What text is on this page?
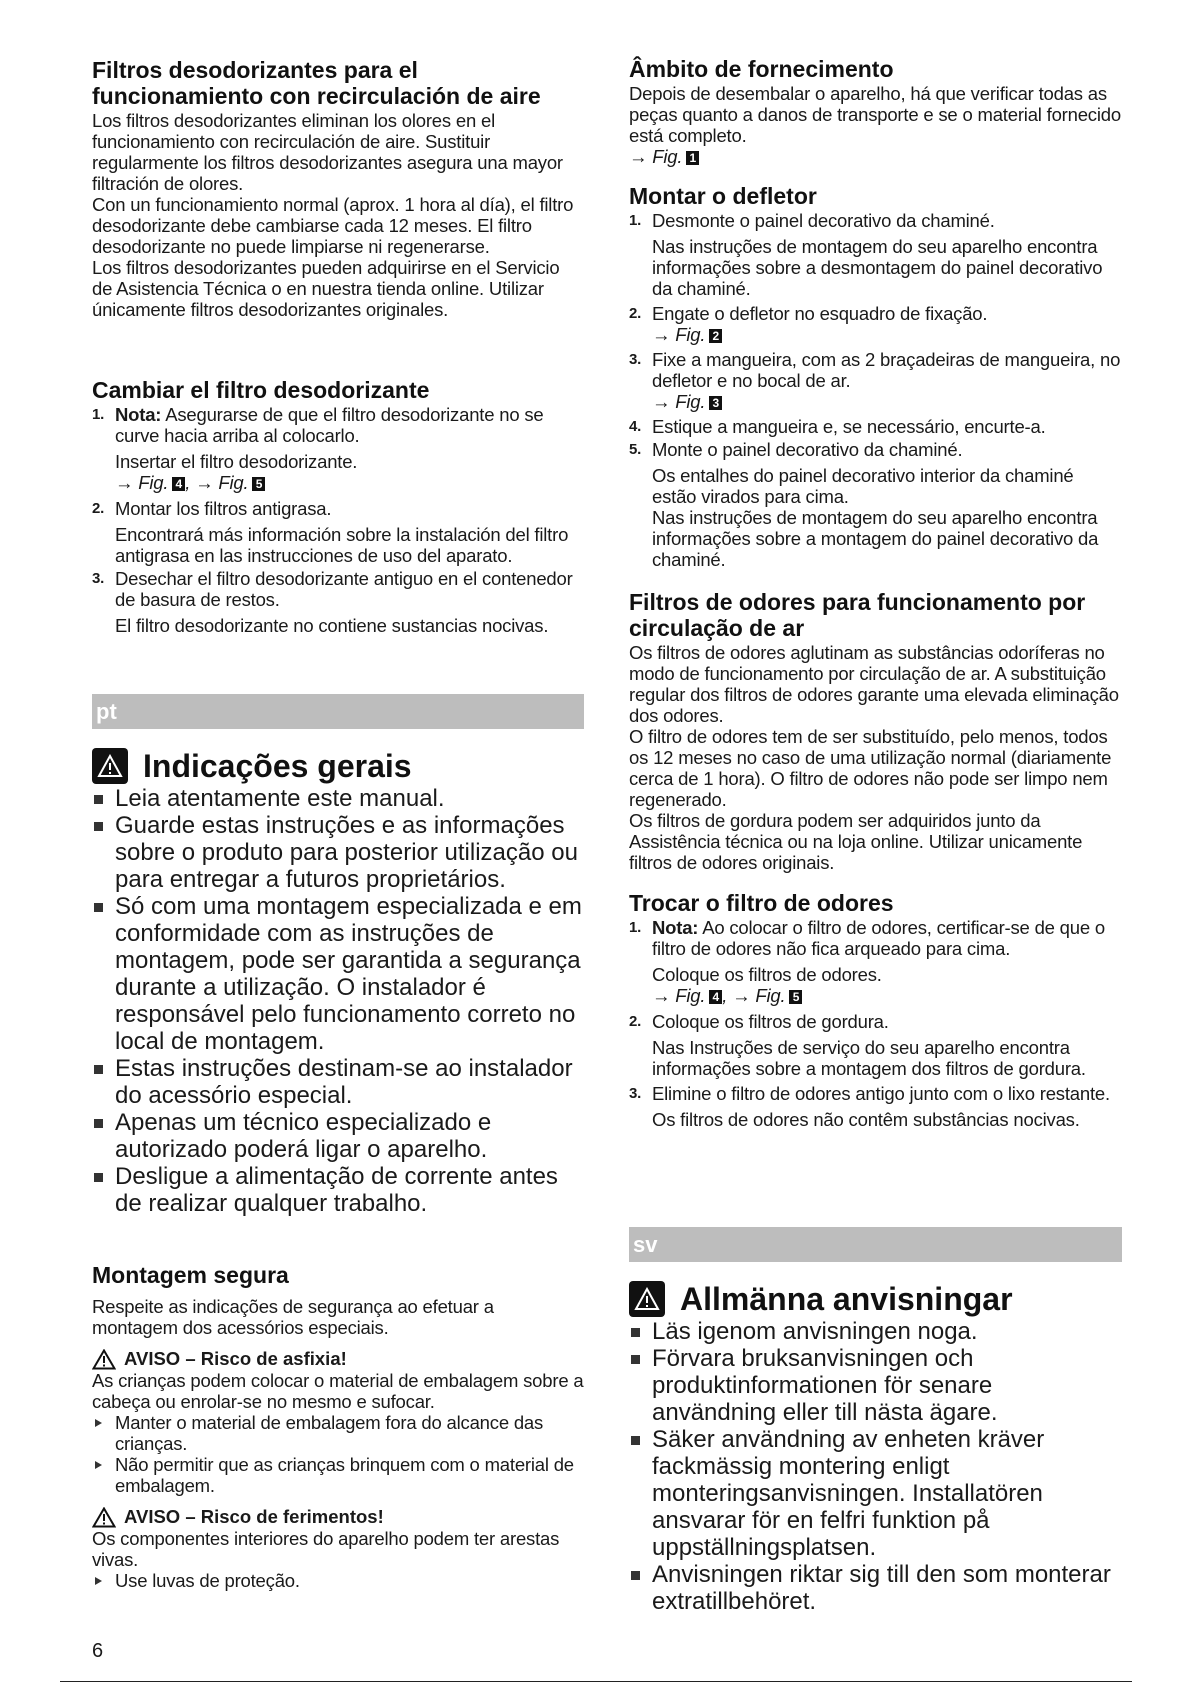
Filtros desodorizantes para el funcionamiento con recirculación de aire

Los filtros desodorizantes eliminan los olores en el funcionamiento con recirculación de aire. Sustituir regularmente los filtros desodorizantes asegura una mayor filtración de olores.

Con un funcionamiento normal (aprox. 1 hora al día), el filtro desodorizante debe cambiarse cada 12 meses. El filtro desodorizante no puede limpiarse ni regenerarse.

Los filtros desodorizantes pueden adquirirse en el Servicio de Asistencia Técnica o en nuestra tienda online. Utilizar únicamente filtros desodorizantes originales.

Cambiar el filtro desodorizante
1. Nota: Asegurarse de que el filtro desodorizante no se curve hacia arriba al colocarlo.
Insertar el filtro desodorizante.
→ Fig. 4 , → Fig. 5
2. Montar los filtros antigrasa.
Encontrará más información sobre la instalación del filtro antigrasa en las instrucciones de uso del aparato.
3. Desechar el filtro desodorizante antiguo en el contenedor de basura de restos.
El filtro desodorizante no contiene sustancias nocivas.
pt
Indicações gerais
Leia atentamente este manual.
Guarde estas instruções e as informações sobre o produto para posterior utilização ou para entregar a futuros proprietários.
Só com uma montagem especializada e em conformidade com as instruções de montagem, pode ser garantida a segurança durante a utilização. O instalador é responsável pelo funcionamento correto no local de montagem.
Estas instruções destinam-se ao instalador do acessório especial.
Apenas um técnico especializado e autorizado poderá ligar o aparelho.
Desligue a alimentação de corrente antes de realizar qualquer trabalho.
Montagem segura

Respeite as indicações de segurança ao efetuar a montagem dos acessórios especiais.

AVISO – Risco de asfixia!

As crianças podem colocar o material de embalagem sobre a cabeça ou enrolar-se no mesmo e sufocar.

Manter o material de embalagem fora do alcance das crianças.
Não permitir que as crianças brinquem com o material de embalagem.
AVISO – Risco de ferimentos!

Os componentes interiores do aparelho podem ter arestas vivas.

Use luvas de proteção.
6
Âmbito de fornecimento

Depois de desembalar o aparelho, há que verificar todas as peças quanto a danos de transporte e se o material fornecido está completo.

→ Fig. 1

Montar o defletor
1. Desmonte o painel decorativo da chaminé.
Nas instruções de montagem do seu aparelho encontra informações sobre a desmontagem do painel decorativo da chaminé.
2. Engate o defletor no esquadro de fixação.
→ Fig. 2
3. Fixe a mangueira, com as 2 braçadeiras de mangueira, no defletor e no bocal de ar.
→ Fig. 3
4. Estique a mangueira e, se necessário, encurte-a.
5. Monte o painel decorativo da chaminé.
Os entalhes do painel decorativo interior da chaminé estão virados para cima.
Nas instruções de montagem do seu aparelho encontra informações sobre a montagem do painel decorativo da chaminé.
Filtros de odores para funcionamento por circulação de ar

Os filtros de odores aglutinam as substâncias odoríferas no modo de funcionamento por circulação de ar. A substituição regular dos filtros de odores garante uma elevada eliminação dos odores.

O filtro de odores tem de ser substituído, pelo menos, todos os 12 meses no caso de uma utilização normal (diariamente cerca de 1 hora). O filtro de odores não pode ser limpo nem regenerado.

Os filtros de gordura podem ser adquiridos junto da Assistência técnica ou na loja online. Utilizar unicamente filtros de odores originais.

Trocar o filtro de odores
1. Nota: Ao colocar o filtro de odores, certificar-se de que o filtro de odores não fica arqueado para cima.
Coloque os filtros de odores.
→ Fig. 4 , → Fig. 5
2. Coloque os filtros de gordura.
Nas Instruções de serviço do seu aparelho encontra informações sobre a montagem dos filtros de gordura.
3. Elimine o filtro de odores antigo junto com o lixo restante.
Os filtros de odores não contêm substâncias nocivas.
sv
Allmänna anvisningar
Läs igenom anvisningen noga.
Förvara bruksanvisningen och produktinformationen för senare användning eller till nästa ägare.
Säker användning av enheten kräver fackmässig montering enligt monteringsanvisningen. Installatören ansvarar för en felfri funktion på uppställningsplatsen.
Anvisningen riktar sig till den som monterar extratillbehöret.
